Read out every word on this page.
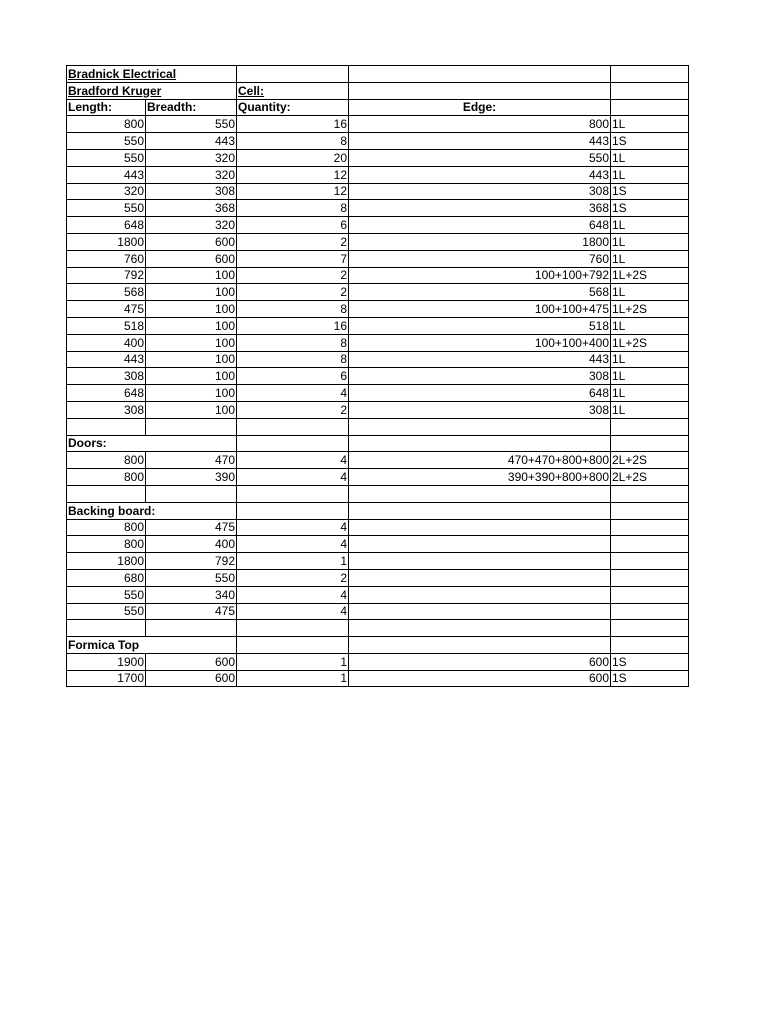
Bradnick Electrical				
Bradford Kruger		Cell:		
Length:	Breadth:	Quantity:	Edge:	
800	550	16	800	1L
550	443	8	443	1S
550	320	20	550	1L
443	320	12	443	1L
320	308	12	308	1S
550	368	8	368	1S
648	320	6	648	1L
1800	600	2	1800	1L
760	600	7	760	1L
792	100	2	100+100+792	1L+2S
568	100	2	568	1L
475	100	8	100+100+475	1L+2S
518	100	16	518	1L
400	100	8	100+100+400	1L+2S
443	100	8	443	1L
308	100	6	308	1L
648	100	4	648	1L
308	100	2	308	1L

Doors:				
800	470	4	470+470+800+800	2L+2S
800	390	4	390+390+800+800	2L+2S

Backing board:				
800	475	4		
800	400	4		
1800	792	1		
680	550	2		
550	340	4		
550	475	4		

Formica Top				
1900	600	1	600	1S
1700	600	1	600	1S
